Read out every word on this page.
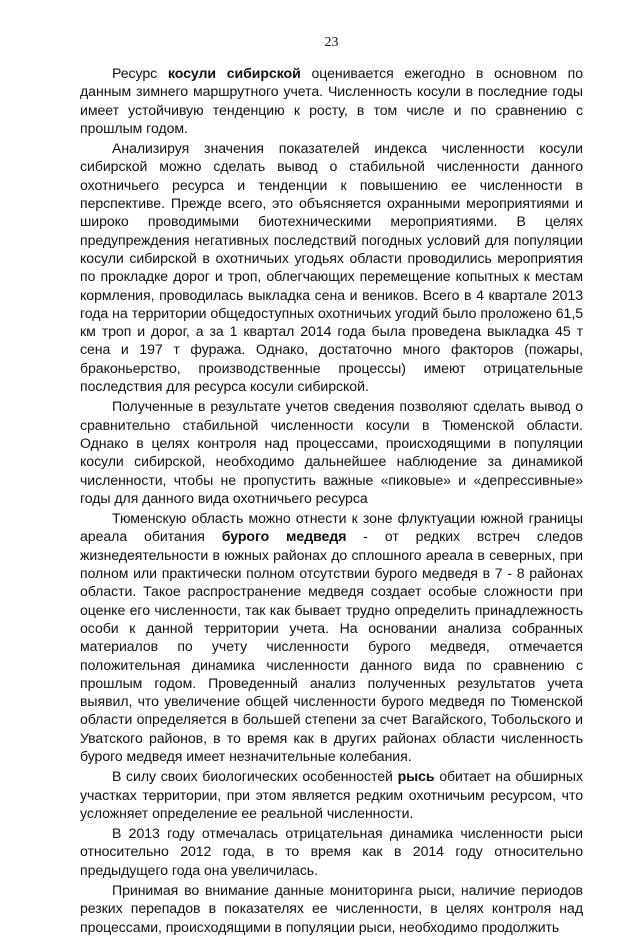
23

Ресурс косули сибирской оценивается ежегодно в основном по данным зимнего маршрутного учета. Численность косули в последние годы имеет устойчивую тенденцию к росту, в том числе и по сравнению с прошлым годом.

Анализируя значения показателей индекса численности косули сибирской можно сделать вывод о стабильной численности данного охотничьего ресурса и тенденции к повышению ее численности в перспективе. Прежде всего, это объясняется охранными мероприятиями и широко проводимыми биотехническими мероприятиями. В целях предупреждения негативных последствий погодных условий для популяции косули сибирской в охотничьих угодьях области проводились мероприятия по прокладке дорог и троп, облегчающих перемещение копытных к местам кормления, проводилась выкладка сена и веников. Всего в 4 квартале 2013 года на территории общедоступных охотничьих угодий было проложено 61,5 км троп и дорог, а за 1 квартал 2014 года была проведена выкладка 45 т сена и 197 т фуража. Однако, достаточно много факторов (пожары, браконьерство, производственные процессы) имеют отрицательные последствия для ресурса косули сибирской.

Полученные в результате учетов сведения позволяют сделать вывод о сравнительно стабильной численности косули в Тюменской области. Однако в целях контроля над процессами, происходящими в популяции косули сибирской, необходимо дальнейшее наблюдение за динамикой численности, чтобы не пропустить важные «пиковые» и «депрессивные» годы для данного вида охотничьего ресурса

Тюменскую область можно отнести к зоне флуктуации южной границы ареала обитания бурого медведя - от редких встреч следов жизнедеятельности в южных районах до сплошного ареала в северных, при полном или практически полном отсутствии бурого медведя в 7 - 8 районах области. Такое распространение медведя создает особые сложности при оценке его численности, так как бывает трудно определить принадлежность особи к данной территории учета. На основании анализа собранных материалов по учету численности бурого медведя, отмечается положительная динамика численности данного вида по сравнению с прошлым годом. Проведенный анализ полученных результатов учета выявил, что увеличение общей численности бурого медведя по Тюменской области определяется в большей степени за счет Вагайского, Тобольского и Уватского районов, в то время как в других районах области численность бурого медведя имеет незначительные колебания.

В силу своих биологических особенностей рысь обитает на обширных участках территории, при этом является редким охотничьим ресурсом, что усложняет определение ее реальной численности.

В 2013 году отмечалась отрицательная динамика численности рыси относительно 2012 года, в то время как в 2014 году относительно предыдущего года она увеличилась.

Принимая во внимание данные мониторинга рыси, наличие периодов резких перепадов в показателях ее численности, в целях контроля над процессами, происходящими в популяции рыси, необходимо продолжить
